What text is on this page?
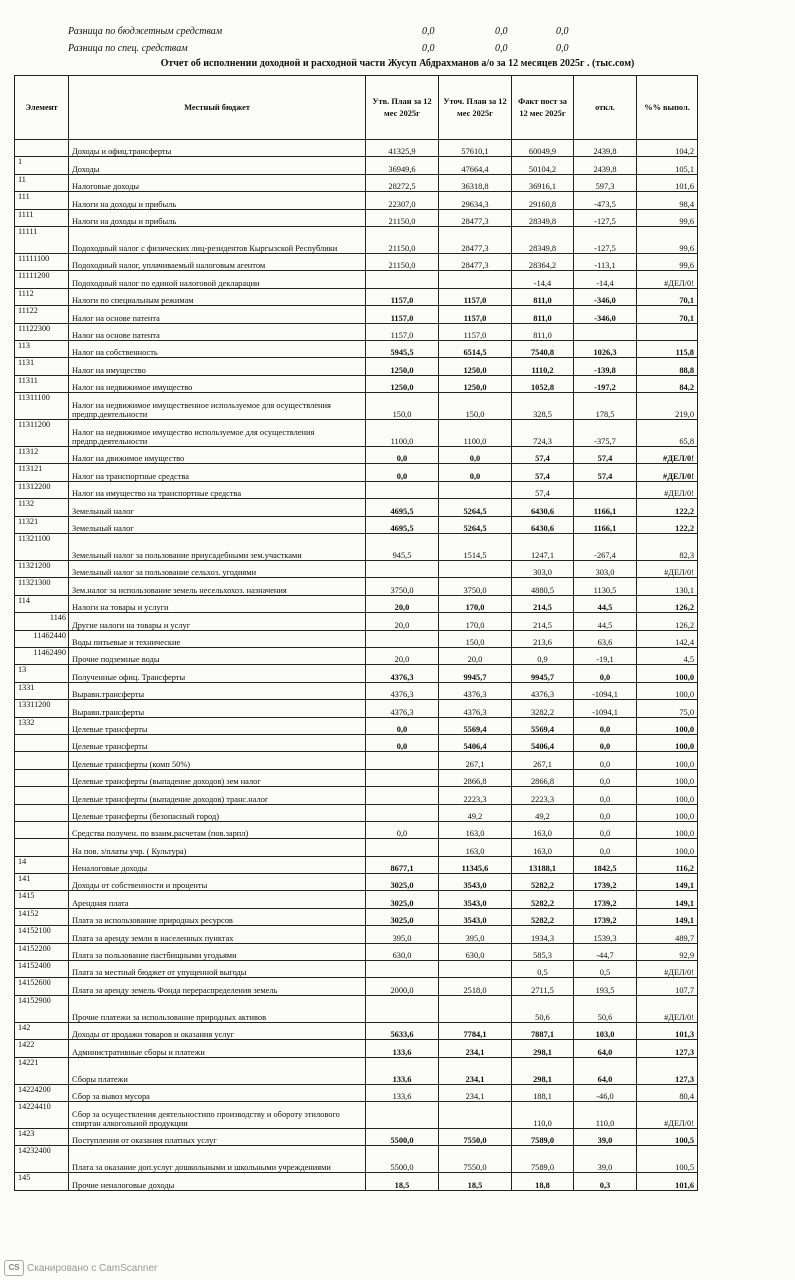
Разница по бюджетным средствам	0,0	0,0	0,0
Разница по спец. средствам	0,0	0,0	0,0
Отчет об исполнении доходной и расходной части Жусуп Абдрахманов а/о за 12 месяцев 2025г . (тыс.сом)
Элемент	Местный бюджет	Утв. План за 12 мес 2025г	Уточ. План за 12 мес 2025г	Факт пост за 12 мес 2025г	откл.	%% выпол.
	Доходы и офиц.трансферты	41325,9	57610,1	60049,9	2439,8	104,2
1	Доходы	36949,6	47664,4	50104,2	2439,8	105,1
11	Налоговые доходы	28272,5	36318,8	36916,1	597,3	101,6
111	Налоги на доходы и прибыль	22307,0	29634,3	29160,8	-473,5	98,4
1111	Налоги на доходы и прибыль	21150,0	28477,3	28349,8	-127,5	99,6
11111	Подоходный налог с физических лиц-резидентов Кыргызской Республики	21150,0	28477,3	28349,8	-127,5	99,6
11111100	Подоходный налог, уплачиваемый налоговым агентом	21150,0	28477,3	28364,2	-113,1	99,6
11111200	Подоходный налог по единой налоговой декларации			-14,4	-14,4	#ДЕЛ/0!
1112	Налоги по специальным режимам	1157,0	1157,0	811,0	-346,0	70,1
11122	Налог на основе патента	1157,0	1157,0	811,0	-346,0	70,1
11122300	Налог на основе патента	1157,0	1157,0	811,0		
113	Налог на собственность	5945,5	6514,5	7540,8	1026,3	115,8
1131	Налог на имущество	1250,0	1250,0	1110,2	-139,8	88,8
11311	Налог на недвижимое имущество	1250,0	1250,0	1052,8	-197,2	84,2
11311100	Налог на недвижимое имущественное используемое для осуществления предпр.деятельности	150,0	150,0	328,5	178,5	219,0
11311200	Налог на недвижимое имущество используемое для осуществления предпр.деятельности	1100,0	1100,0	724,3	-375,7	65,8
11312	Налог на движимое имущество	0,0	0,0	57,4	57,4	#ДЕЛ/0!
113121	Налог на транспортные средства	0,0	0,0	57,4	57,4	#ДЕЛ/0!
11312200	Налог на имущество на транспортные средства			57,4		#ДЕЛ/0!
1132	Земельный налог	4695,5	5264,5	6430,6	1166,1	122,2
11321	Земельный налог	4695,5	5264,5	6430,6	1166,1	122,2
11321100	Земельный налог за пользование приусадебными зем.участками	945,5	1514,5	1247,1	-267,4	82,3
11321200	Земельный налог за пользование сельхоз. угодиями			303,0	303,0	#ДЕЛ/0!
11321300	Зем.налог за использование земель несельхохоз. назначения	3750,0	3750,0	4880,5	1130,5	130,1
114	Налоги на товары и услуги	20,0	170,0	214,5	44,5	126,2
1146	Другие налоги на товары и услуг	20,0	170,0	214,5	44,5	126,2
11462440	Воды питьевые и технические		150,0	213,6	63,6	142,4
11462490	Прочие подземные воды	20,0	20,0	0,9	-19,1	4,5
13	Полученные офиц. Трансферты	4376,3	9945,7	9945,7	0,0	100,0
1331	Выравн.трансферты	4376,3	4376,3	4376,3	-1094,1	100,0
13311200	Выравн.трансферты	4376,3	4376,3	3282,2	-1094,1	75,0
1332	Целевые трансферты	0,0	5569,4	5569,4	0,0	100,0
	Целевые трансферты	0,0	5406,4	5406,4	0,0	100,0
	Целевые трансферты (комп 50%)		267,1	267,1	0,0	100,0
	Целевые трансферты (выпадение доходов) зем налог		2866,8	2866,8	0,0	100,0
	Целевые трансферты (выпадение доходов) транс.налог		2223,3	2223,3	0,0	100,0
	Целевые трансферты (безопасный город)		49,2	49,2	0,0	100,0
	Средства получен. по взаим.расчетам (пов.зарпл)	0,0	163,0	163,0	0,0	100,0
	На пов. з/платы учр. ( Культура)		163,0	163,0	0,0	100,0
14	Неналоговые доходы	8677,1	11345,6	13188,1	1842,5	116,2
141	Доходы от собственности и проценты	3025,0	3543,0	5282,2	1739,2	149,1
1415	Арендная плата	3025,0	3543,0	5282,2	1739,2	149,1
14152	Плата за использование природных ресурсов	3025,0	3543,0	5282,2	1739,2	149,1
14152100	Плата за аренду земли в населенных пунктах	395,0	395,0	1934,3	1539,3	489,7
14152200	Плата за пользование пастбищными угодьями	630,0	630,0	585,3	-44,7	92,9
14152400	Плата за местный бюджет от упущенной выгоды			0,5	0,5	#ДЕЛ/0!
14152600	Плата за аренду земель Фонда перераспределения земель	2000,0	2518,0	2711,5	193,5	107,7
14152900	Прочие платежи за использование природных активов			50,6	50,6	#ДЕЛ/0!
142	Доходы от продажи товаров и оказания услуг	5633,6	7784,1	7887,1	103,0	101,3
1422	Административные сборы и платежи	133,6	234,1	298,1	64,0	127,3
14221	Сборы платежи	133,6	234,1	298,1	64,0	127,3
14224200	Сбор за вывоз мусора	133,6	234,1	188,1	-46,0	80,4
14224410	Сбор за осуществления деятельностипо производству и обороту этилового спиртан алкогольной продукции			110,0	110,0	#ДЕЛ/0!
1423	Поступления от оказания платных услуг	5500,0	7550,0	7589,0	39,0	100,5
14232400	Плата за оказание доп.услуг дошкольными и школьными учреждениями	5500,0	7550,0	7589,0	39,0	100,5
145	Прочие неналоговые доходы	18,5	18,5	18,8	0,3	101,6
CS Сканировано с CamScanner
